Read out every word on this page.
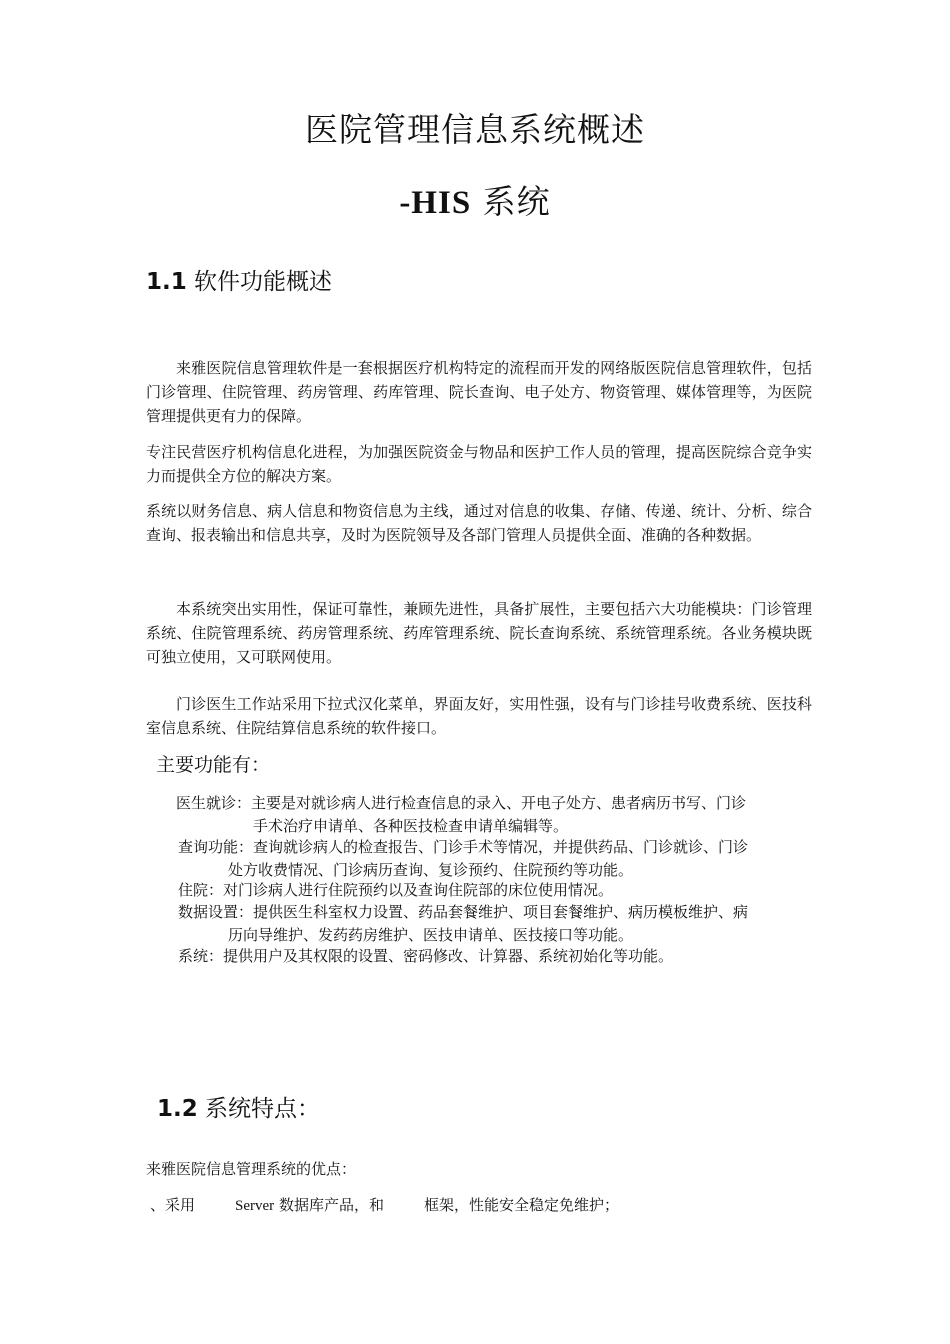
医院管理信息系统概述
-HIS 系统
1.1 软件功能概述

来雅医院信息管理软件是一套根据医疗机构特定的流程而开发的网络版医院信息管理软件，包括门诊管理、住院管理、药房管理、药库管理、院长查询、电子处方、物资管理、媒体管理等，为医院管理提供更有力的保障。

专注民营医疗机构信息化进程，为加强医院资金与物品和医护工作人员的管理，提高医院综合竞争实力而提供全方位的解决方案。

系统以财务信息、病人信息和物资信息为主线，通过对信息的收集、存储、传递、统计、分析、综合查询、报表输出和信息共享，及时为医院领导及各部门管理人员提供全面、准确的各种数据。

本系统突出实用性，保证可靠性，兼顾先进性，具备扩展性，主要包括六大功能模块：门诊管理系统、住院管理系统、药房管理系统、药库管理系统、院长查询系统、系统管理系统。各业务模块既可独立使用，又可联网使用。

门诊医生工作站采用下拉式汉化菜单，界面友好，实用性强，设有与门诊挂号收费系统、医技科室信息系统、住院结算信息系统的软件接口。

主要功能有：

医生就诊：主要是对就诊病人进行检查信息的录入、开电子处方、患者病历书写、门诊
手术治疗申请单、各种医技检查申请单编辑等。

查询功能：查询就诊病人的检查报告、门诊手术等情况，并提供药品、门诊就诊、门诊
处方收费情况、门诊病历查询、复诊预约、住院预约等功能。

住院：对门诊病人进行住院预约以及查询住院部的床位使用情况。

数据设置：提供医生科室权力设置、药品套餐维护、项目套餐维护、病历模板维护、病
历向导维护、发药药房维护、医技申请单、医技接口等功能。

系统：提供用户及其权限的设置、密码修改、计算器、系统初始化等功能。

1.2 系统特点：

来雅医院信息管理系统的优点：

、采用	Server 数据库产品，和	框架，性能安全稳定免维护；
